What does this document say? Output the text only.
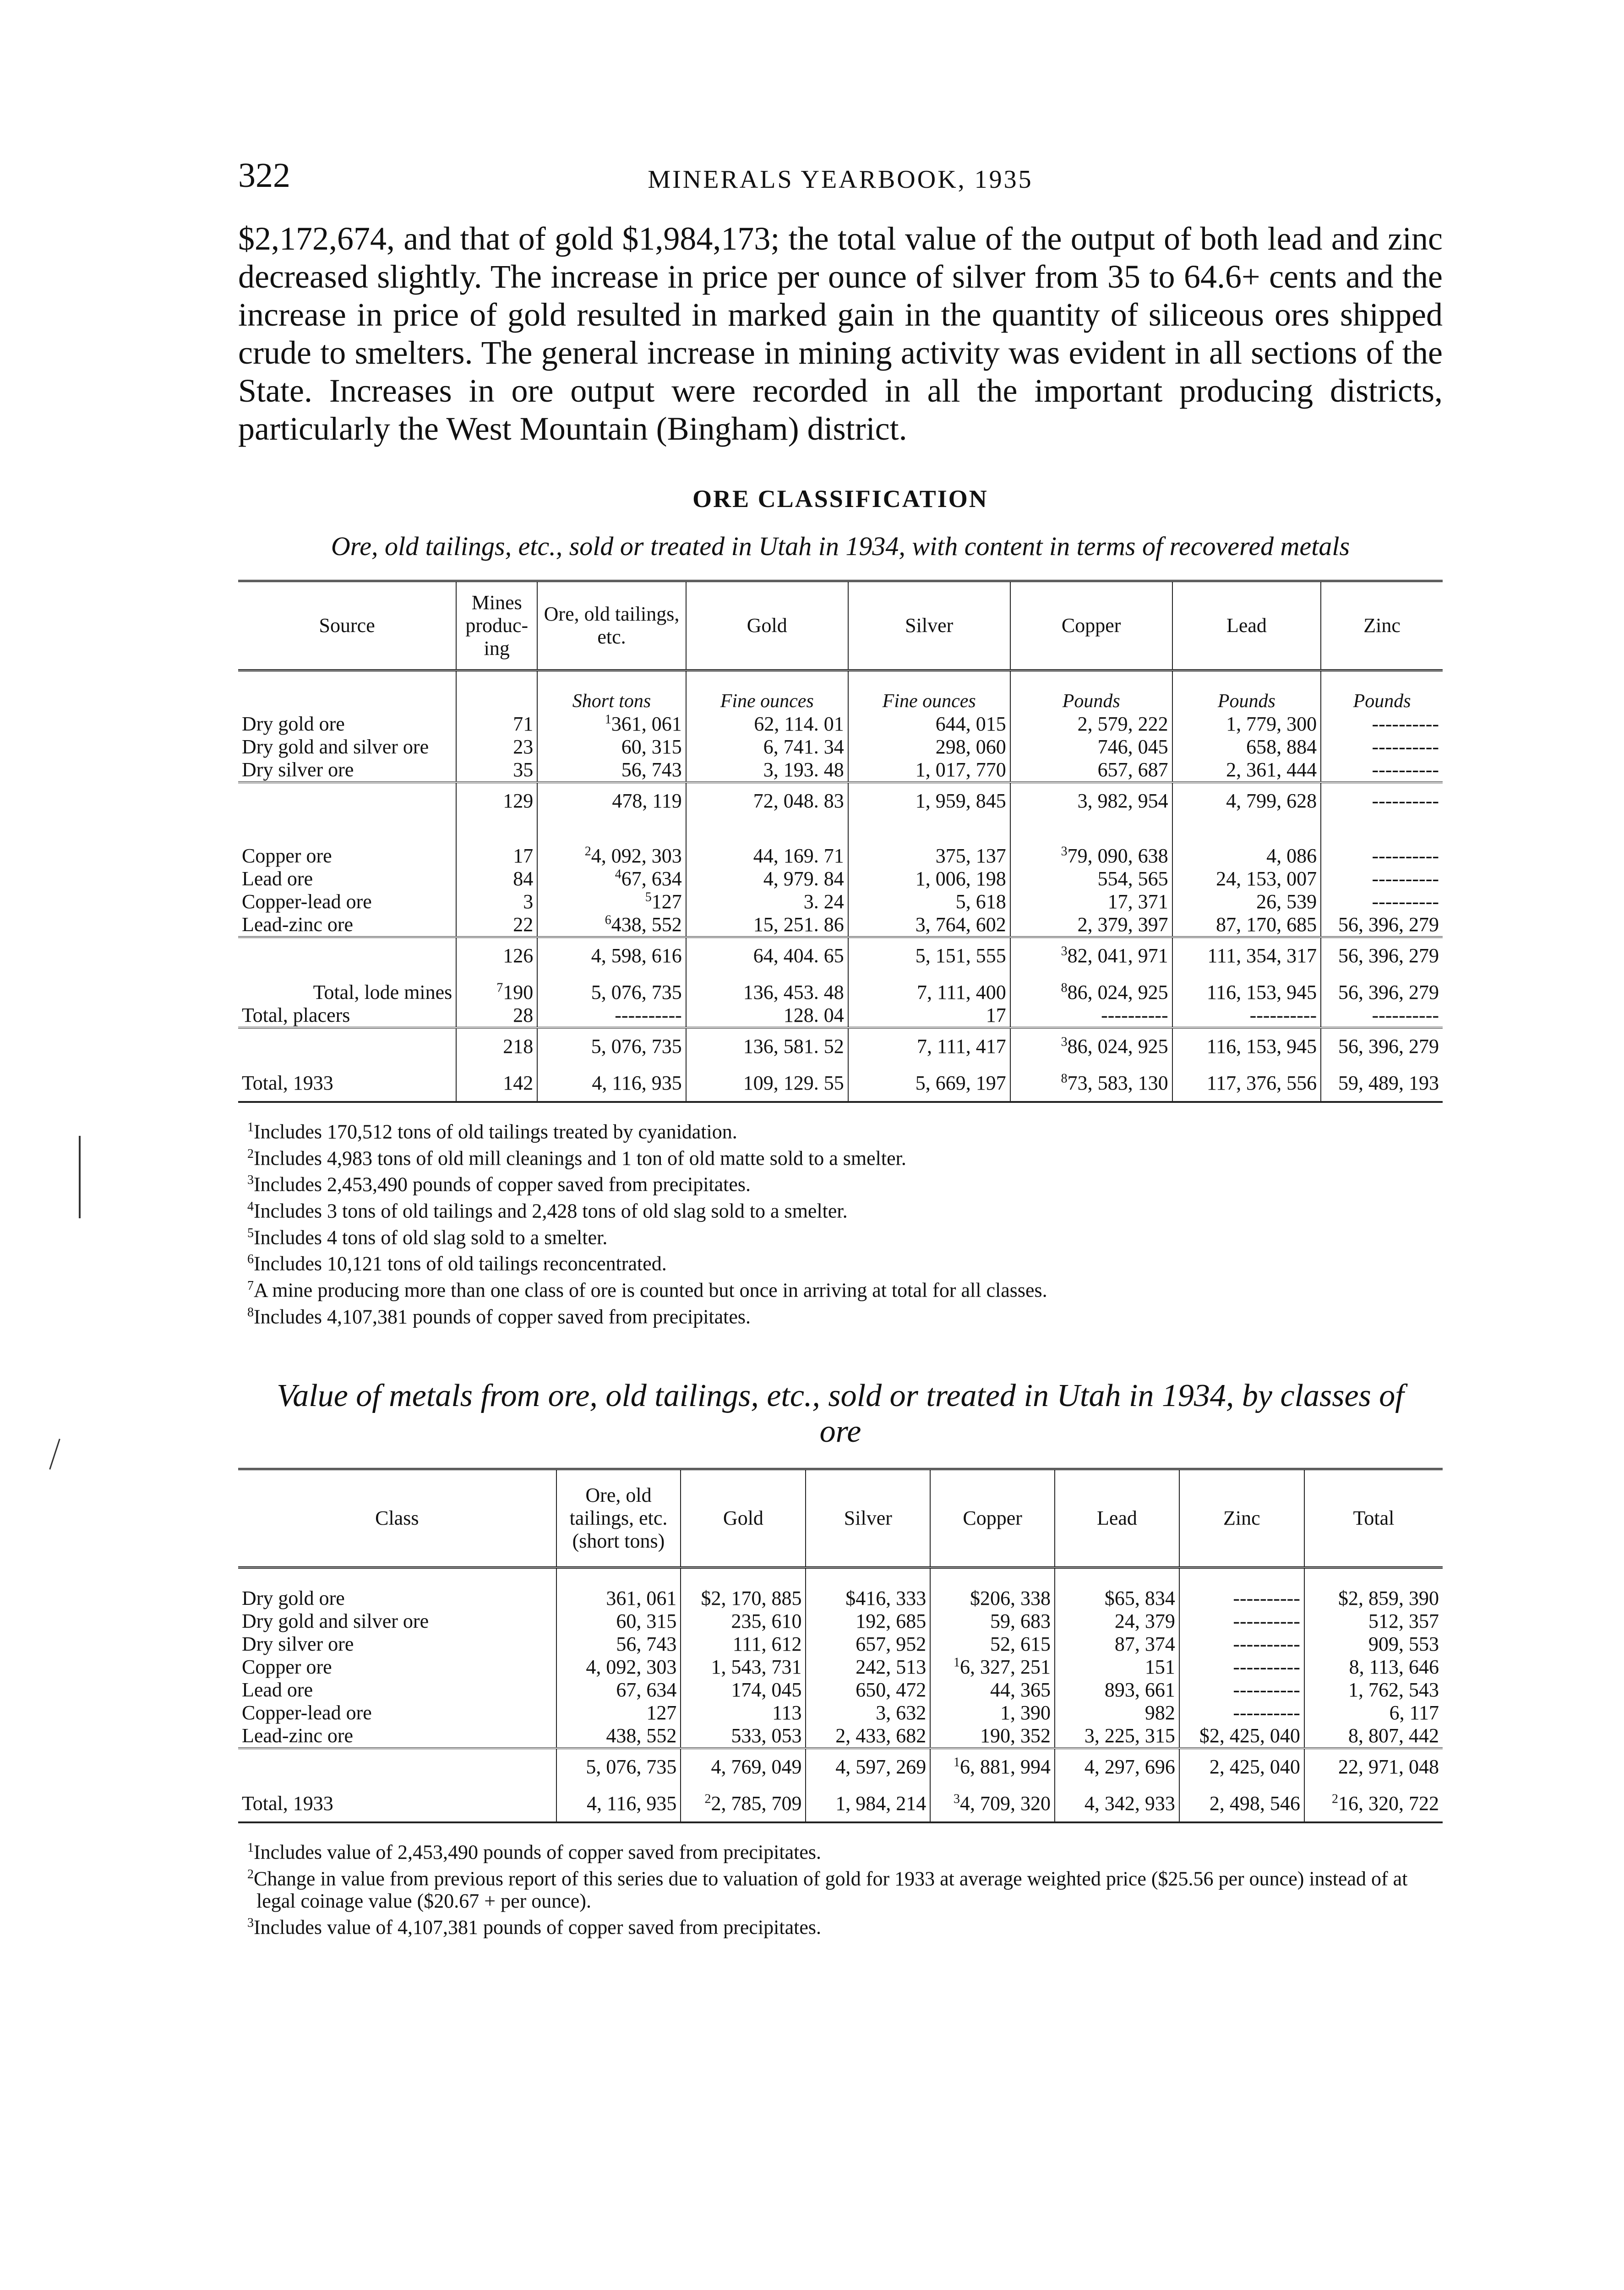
322	MINERALS YEARBOOK, 1935

$2,172,674, and that of gold $1,984,173; the total value of the output of both lead and zinc decreased slightly. The increase in price per ounce of silver from 35 to 64.6+ cents and the increase in price of gold resulted in marked gain in the quantity of siliceous ores shipped crude to smelters. The general increase in mining activity was evident in all sections of the State. Increases in ore output were recorded in all the important producing districts, particularly the West Mountain (Bingham) district.

ORE CLASSIFICATION
Ore, old tailings, etc., sold or treated in Utah in 1934, with content in terms of recovered metals
Source	Mines produc-ing	Ore, old tailings, etc.	Gold	Silver	Copper	Lead	Zinc
		Short tons	Fine ounces	Fine ounces	Pounds	Pounds	Pounds
Dry gold ore	71	$^1$361, 061	62, 114. 01	644, 015	2, 579, 222	1, 779, 300	----------
Dry gold and silver ore	23	60, 315	6, 741. 34	298, 060	746, 045	658, 884	----------
Dry silver ore	35	56, 743	3, 193. 48	1, 017, 770	657, 687	2, 361, 444	----------
	129	478, 119	72, 048. 83	1, 959, 845	3, 982, 954	4, 799, 628	----------
Copper ore	17	$^2$4, 092, 303	44, 169. 71	375, 137	$^3$79, 090, 638	4, 086	----------
Lead ore	84	$^4$67, 634	4, 979. 84	1, 006, 198	554, 565	24, 153, 007	----------
Copper-lead ore	3	$^5$127	3. 24	5, 618	17, 371	26, 539	----------
Lead-zinc ore	22	$^6$438, 552	15, 251. 86	3, 764, 602	2, 379, 397	87, 170, 685	56, 396, 279
	126	4, 598, 616	64, 404. 65	5, 151, 555	$^3$82, 041, 971	111, 354, 317	56, 396, 279
Total, lode mines	$^7$190	5, 076, 735	136, 453. 48	7, 111, 400	$^8$86, 024, 925	116, 153, 945	56, 396, 279
Total, placers	28	----------	128. 04	17	----------	----------	----------
	218	5, 076, 735	136, 581. 52	7, 111, 417	$^3$86, 024, 925	116, 153, 945	56, 396, 279
Total, 1933	142	4, 116, 935	109, 129. 55	5, 669, 197	$^8$73, 583, 130	117, 376, 556	59, 489, 193
$^1$Includes 170,512 tons of old tailings treated by cyanidation.
$^2$Includes 4,983 tons of old mill cleanings and 1 ton of old matte sold to a smelter.
$^3$Includes 2,453,490 pounds of copper saved from precipitates.
$^4$Includes 3 tons of old tailings and 2,428 tons of old slag sold to a smelter.
$^5$Includes 4 tons of old slag sold to a smelter.
$^6$Includes 10,121 tons of old tailings reconcentrated.
$^7$A mine producing more than one class of ore is counted but once in arriving at total for all classes.
$^8$Includes 4,107,381 pounds of copper saved from precipitates.
Value of metals from ore, old tailings, etc., sold or treated in Utah in 1934, by classes of ore
Class	Ore, old tailings, etc. (short tons)	Gold	Silver	Copper	Lead	Zinc	Total
Dry gold ore	361, 061	$2, 170, 885	$416, 333	$206, 338	$65, 834	----------	$2, 859, 390
Dry gold and silver ore	60, 315	235, 610	192, 685	59, 683	24, 379	----------	512, 357
Dry silver ore	56, 743	111, 612	657, 952	52, 615	87, 374	----------	909, 553
Copper ore	4, 092, 303	1, 543, 731	242, 513	$^1$6, 327, 251	151	----------	8, 113, 646
Lead ore	67, 634	174, 045	650, 472	44, 365	893, 661	----------	1, 762, 543
Copper-lead ore	127	113	3, 632	1, 390	982	----------	6, 117
Lead-zinc ore	438, 552	533, 053	2, 433, 682	190, 352	3, 225, 315	$2, 425, 040	8, 807, 442
	5, 076, 735	4, 769, 049	4, 597, 269	$^1$6, 881, 994	4, 297, 696	2, 425, 040	22, 971, 048
Total, 1933	4, 116, 935	$^2$2, 785, 709	1, 984, 214	$^3$4, 709, 320	4, 342, 933	2, 498, 546	$^2$16, 320, 722
$^1$Includes value of 2,453,490 pounds of copper saved from precipitates.
$^2$Change in value from previous report of this series due to valuation of gold for 1933 at average weighted price ($25.56 per ounce) instead of at legal coinage value ($20.67 + per ounce).
$^3$Includes value of 4,107,381 pounds of copper saved from precipitates.
